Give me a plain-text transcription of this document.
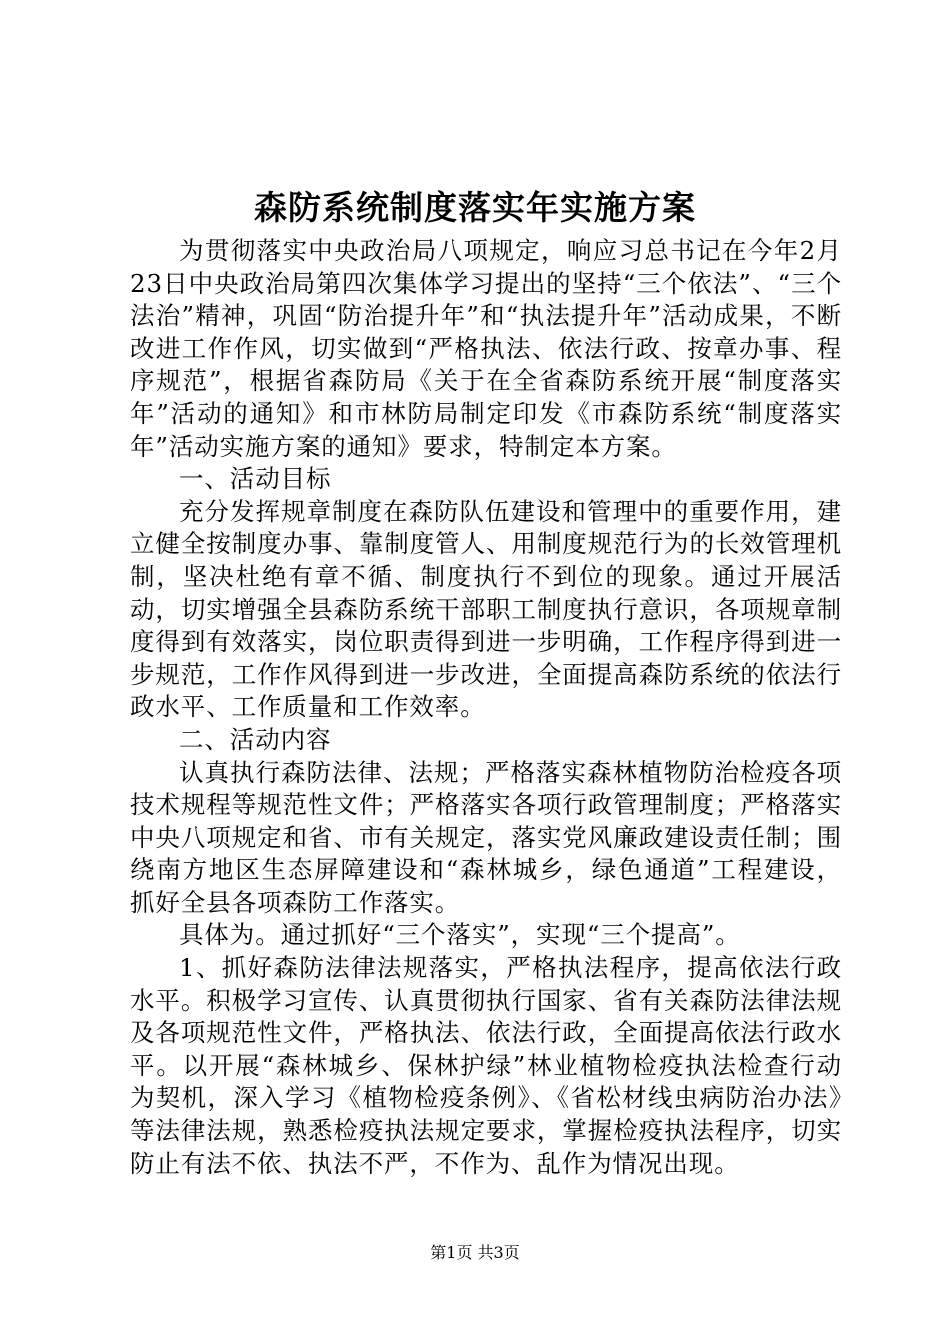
森防系统制度落实年实施方案

为贯彻落实中央政治局八项规定，响应习总书记在今年2月23日中央政治局第四次集体学习提出的坚持“三个依法”、“三个法治”精神，巩固“防治提升年”和“执法提升年”活动成果，不断改进工作作风，切实做到“严格执法、依法行政、按章办事、程序规范”，根据省森防局《关于在全省森防系统开展“制度落实年”活动的通知》和市林防局制定印发《市森防系统“制度落实年”活动实施方案的通知》要求，特制定本方案。

一、活动目标

充分发挥规章制度在森防队伍建设和管理中的重要作用，建立健全按制度办事、靠制度管人、用制度规范行为的长效管理机制，坚决杜绝有章不循、制度执行不到位的现象。通过开展活动，切实增强全县森防系统干部职工制度执行意识，各项规章制度得到有效落实，岗位职责得到进一步明确，工作程序得到进一步规范，工作作风得到进一步改进，全面提高森防系统的依法行政水平、工作质量和工作效率。

二、活动内容

认真执行森防法律、法规；严格落实森林植物防治检疫各项技术规程等规范性文件；严格落实各项行政管理制度；严格落实中央八项规定和省、市有关规定，落实党风廉政建设责任制；围绕南方地区生态屏障建设和“森林城乡，绿色通道”工程建设，抓好全县各项森防工作落实。

具体为。通过抓好“三个落实”，实现“三个提高”。

1、抓好森防法律法规落实，严格执法程序，提高依法行政水平。积极学习宣传、认真贯彻执行国家、省有关森防法律法规及各项规范性文件，严格执法、依法行政，全面提高依法行政水平。以开展“森林城乡、保林护绿”林业植物检疫执法检查行动为契机，深入学习《植物检疫条例》、《省松材线虫病防治办法》等法律法规，熟悉检疫执法规定要求，掌握检疫执法程序，切实防止有法不依、执法不严，不作为、乱作为情况出现。

第1页 共3页
